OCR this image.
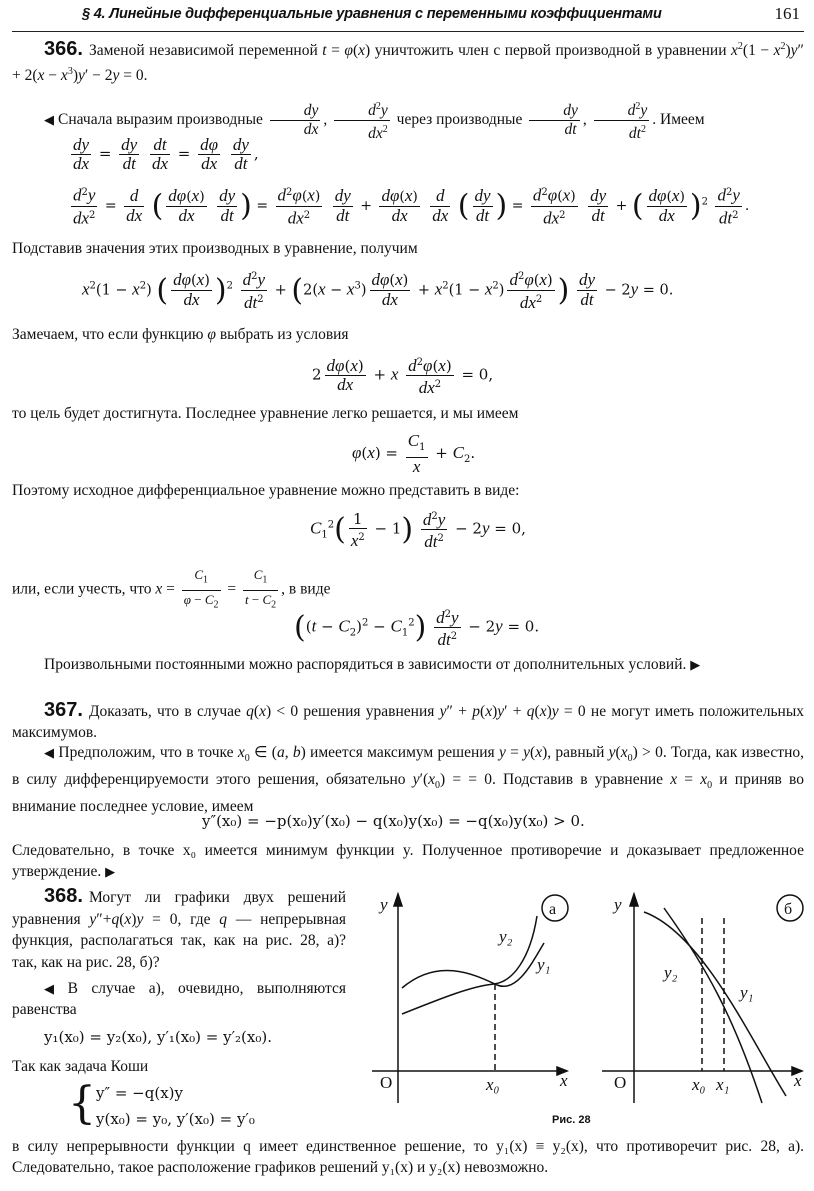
§ 4. Линейные дифференциальные уравнения с переменными коэффициентами	161
366. Заменой независимой переменной t = φ(x) уничтожить член с первой производной в уравнении $x^2(1 - x^2)y'' + 2(x - x^3)y' - 2y = 0$.
◀ Сначала выразим производные $\frac{dy}{dx}$ , $\frac{d^2y}{dx^2}$ через производные $\frac{dy}{dt}$ , $\frac{d^2y}{dt^2}$ . Имеем
$\frac{dy}{dx} = \frac{dy}{dt}$
$\frac{dt}{dx} = \frac{d\varphi}{dx}$
$\frac{dy}{dt}$ ,
$\frac{d^2y}{dx^2} = \frac{d}{dx}$ ( $\frac{d\varphi(x)}{dx}$
$\frac{dy}{dt}$ ) = $\frac{d^2\varphi(x)}{dx^2}$
$\frac{dy}{dt} + \frac{d\varphi(x)}{dx}$
$\frac{d}{dx}$ ( $\frac{dy}{dt}$ ) = $\frac{d^2\varphi(x)}{dx^2}$
$\frac{dy}{dt}$ + ( $\frac{d\varphi(x)}{dx} )^2 \frac{d^2y}{dt^2}$ .
Подставив значения этих производных в уравнение, получим
$x^2(1 - x^2)$ ( $\frac{d\varphi(x)}{dx} )^2 \frac{d^2y}{dt^2} + (2(x - x^3) \frac{d\varphi(x)}{dx} + x^2(1 - x^2) \frac{d^2\varphi(x)}{dx^2}$ ) $\frac{dy}{dt} - 2y = 0$.
Замечаем, что если функцию φ выбрать из условия
$2 \frac{d\varphi(x)}{dx} + x \frac{d^2\varphi(x)}{dx^2} = 0$,
то цель будет достигнута. Последнее уравнение легко решается, и мы имеем
$\varphi(x) = \frac{C_1}{x} + C_2$.
Поэтому исходное дифференциальное уравнение можно представить в виде:
$C_1^2( \frac{1}{x^2} - 1) \frac{d^2y}{dt^2} - 2y = 0$,
или, если учесть, что $x = \frac{C_1}{\varphi - C_2} = \frac{C_1}{t - C_2}$ , в виде
$((t - C_2)^2 - C_1^2) \frac{d^2y}{dt^2} - 2y = 0$.
Произвольными постоянными можно распорядиться в зависимости от дополнительных условий. ▶
367. Доказать, что в случае q(x) < 0 решения уравнения y″ + p(x)y′ + q(x)y = 0 не могут иметь положительных максимумов.
◀ Предположим, что в точке $x_0$ ∈ (a, b) имеется максимум решения y = y(x), равный $y(x_0) > 0$. Тогда, как известно, в силу дифференцируемости этого решения, обязательно $y'(x_0)$ = = 0. Подставив в уравнение $x = x_0$ и приняв во внимание последнее условие, имеем
y″(x₀) = −p(x₀)y′(x₀) − q(x₀)y(x₀) = −q(x₀)y(x₀) > 0.
Следовательно, в точке x₀ имеется минимум функции y. Полученное противоречие и доказывает предложенное утверждение. ▶
368. Могут ли графики двух решений уравнения y″+q(x)y = 0, где q — непрерывная функция, располагаться так, как на рис. 28, а)? так, как на рис. 28, б)?
◀ В случае а), очевидно, выполняются равенства
y₁(x₀) = y₂(x₀), y′₁(x₀) = y′₂(x₀).
Так как задача Коши
{ y″ = −q(x)y
y(x₀) = y₀, y′(x₀) = y′₀
в силу непрерывности функции q имеет единственное решение, то y₁(x) ≡ y₂(x), что противоречит рис. 28, а). Следовательно, такое расположение графиков решений y₁(x) и y₂(x) невозможно.
y
x
O	x₀
y₁
y₂
а	y
x
O	x₀ x₁
y₁
y₂
б
Рис. 28
